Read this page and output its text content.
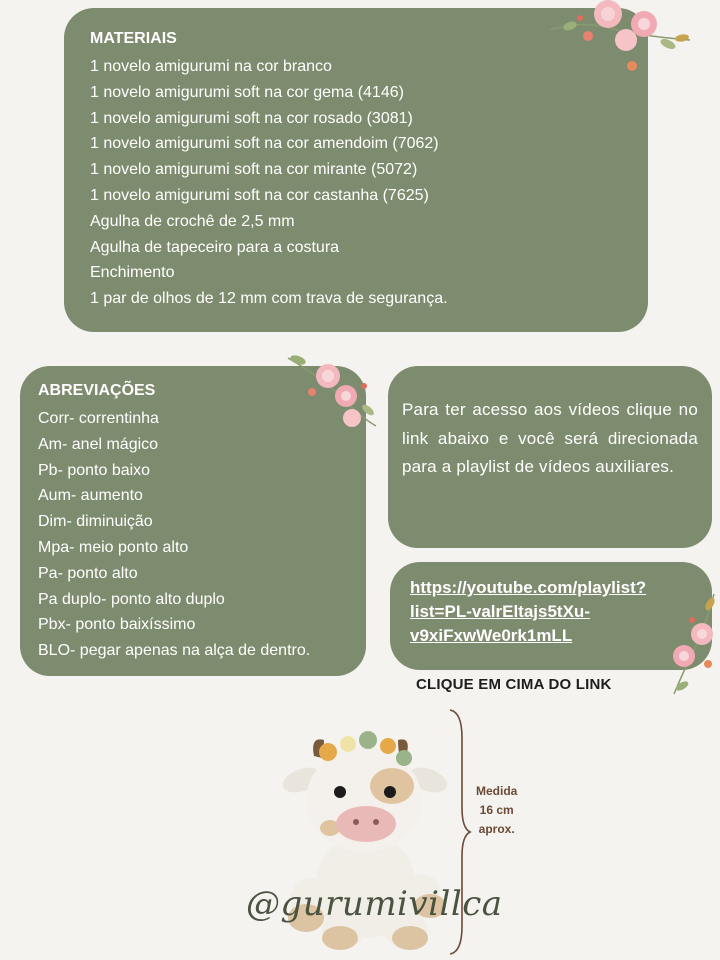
MATERIAIS
1 novelo amigurumi na cor branco
1 novelo amigurumi soft na cor gema (4146)
1 novelo amigurumi soft na cor rosado (3081)
1 novelo amigurumi soft na cor amendoim (7062)
1 novelo amigurumi soft na cor mirante (5072)
1 novelo amigurumi soft na cor castanha (7625)
Agulha de crochê de 2,5 mm
Agulha de tapeceiro para a costura
Enchimento
1 par de olhos de 12 mm com trava de segurança.
ABREVIAÇÕES
Corr- correntinha
Am- anel mágico
Pb- ponto baixo
Aum- aumento
Dim- diminuição
Mpa- meio ponto alto
Pa- ponto alto
Pa duplo- ponto alto duplo
Pbx- ponto baixíssimo
BLO- pegar apenas na alça de dentro.

Para ter acesso aos vídeos clique no link abaixo e você será direcionada para a playlist de vídeos auxiliares.

https://youtube.com/playlist?
list=PL-valrEltajs5tXu-
v9xiFxwWe0rk1mLL
CLIQUE EM CIMA DO LINK
Medida
16 cm
aprox.
@gurumivillca
